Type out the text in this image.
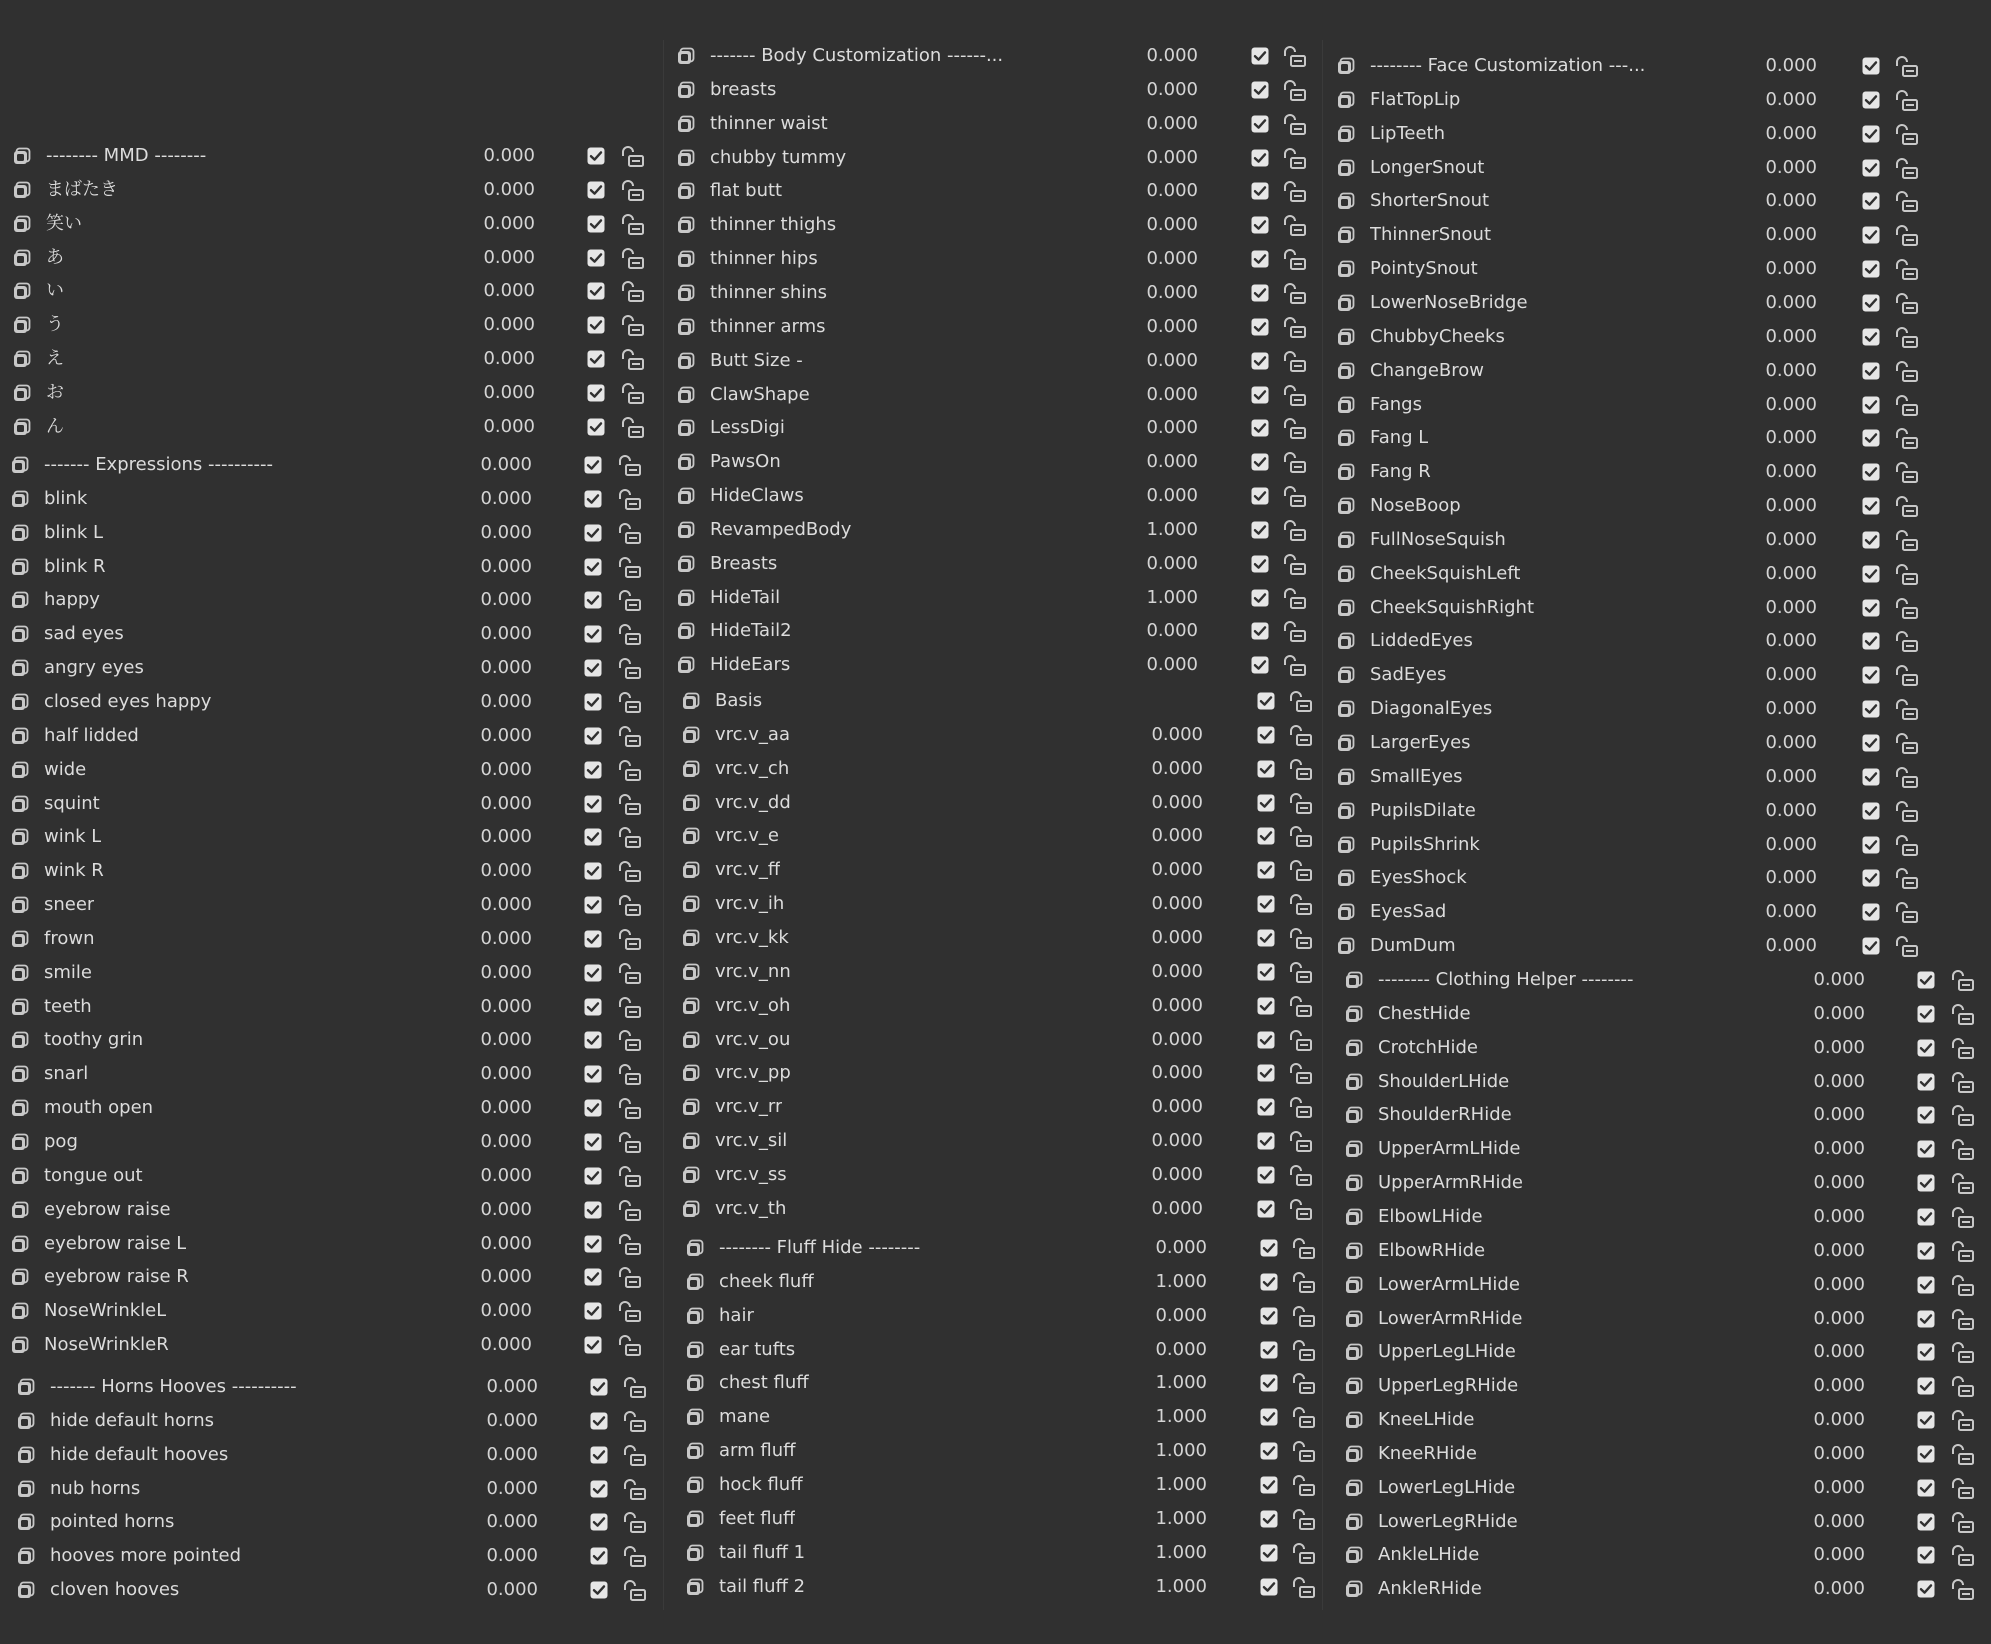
-------- MMD --------	0.000
まばたき	0.000
笑い	0.000
あ	0.000
い	0.000
う	0.000
え	0.000
お	0.000
ん	0.000
------- Expressions ----------	0.000
blink	0.000
blink L	0.000
blink R	0.000
happy	0.000
sad eyes	0.000
angry eyes	0.000
closed eyes happy	0.000
half lidded	0.000
wide	0.000
squint	0.000
wink L	0.000
wink R	0.000
sneer	0.000
frown	0.000
smile	0.000
teeth	0.000
toothy grin	0.000
snarl	0.000
mouth open	0.000
pog	0.000
tongue out	0.000
eyebrow raise	0.000
eyebrow raise L	0.000
eyebrow raise R	0.000
NoseWrinkleL	0.000
NoseWrinkleR	0.000
------- Horns Hooves ----------	0.000
hide default horns	0.000
hide default hooves	0.000
nub horns	0.000
pointed horns	0.000
hooves more pointed	0.000
cloven hooves	0.000
------- Body Customization ------...	0.000
breasts	0.000
thinner waist	0.000
chubby tummy	0.000
flat butt	0.000
thinner thighs	0.000
thinner hips	0.000
thinner shins	0.000
thinner arms	0.000
Butt Size -	0.000
ClawShape	0.000
LessDigi	0.000
PawsOn	0.000
HideClaws	0.000
RevampedBody	1.000
Breasts	0.000
HideTail	1.000
HideTail2	0.000
HideEars	0.000
Basis
vrc.v_aa	0.000
vrc.v_ch	0.000
vrc.v_dd	0.000
vrc.v_e	0.000
vrc.v_ff	0.000
vrc.v_ih	0.000
vrc.v_kk	0.000
vrc.v_nn	0.000
vrc.v_oh	0.000
vrc.v_ou	0.000
vrc.v_pp	0.000
vrc.v_rr	0.000
vrc.v_sil	0.000
vrc.v_ss	0.000
vrc.v_th	0.000
-------- Fluff Hide --------	0.000
cheek fluff	1.000
hair	0.000
ear tufts	0.000
chest fluff	1.000
mane	1.000
arm fluff	1.000
hock fluff	1.000
feet fluff	1.000
tail fluff 1	1.000
tail fluff 2	1.000
-------- Face Customization ---...	0.000
FlatTopLip	0.000
LipTeeth	0.000
LongerSnout	0.000
ShorterSnout	0.000
ThinnerSnout	0.000
PointySnout	0.000
LowerNoseBridge	0.000
ChubbyCheeks	0.000
ChangeBrow	0.000
Fangs	0.000
Fang L	0.000
Fang R	0.000
NoseBoop	0.000
FullNoseSquish	0.000
CheekSquishLeft	0.000
CheekSquishRight	0.000
LiddedEyes	0.000
SadEyes	0.000
DiagonalEyes	0.000
LargerEyes	0.000
SmallEyes	0.000
PupilsDilate	0.000
PupilsShrink	0.000
EyesShock	0.000
EyesSad	0.000
DumDum	0.000
-------- Clothing Helper --------	0.000
ChestHide	0.000
CrotchHide	0.000
ShoulderLHide	0.000
ShoulderRHide	0.000
UpperArmLHide	0.000
UpperArmRHide	0.000
ElbowLHide	0.000
ElbowRHide	0.000
LowerArmLHide	0.000
LowerArmRHide	0.000
UpperLegLHide	0.000
UpperLegRHide	0.000
KneeLHide	0.000
KneeRHide	0.000
LowerLegLHide	0.000
LowerLegRHide	0.000
AnkleLHide	0.000
AnkleRHide	0.000
